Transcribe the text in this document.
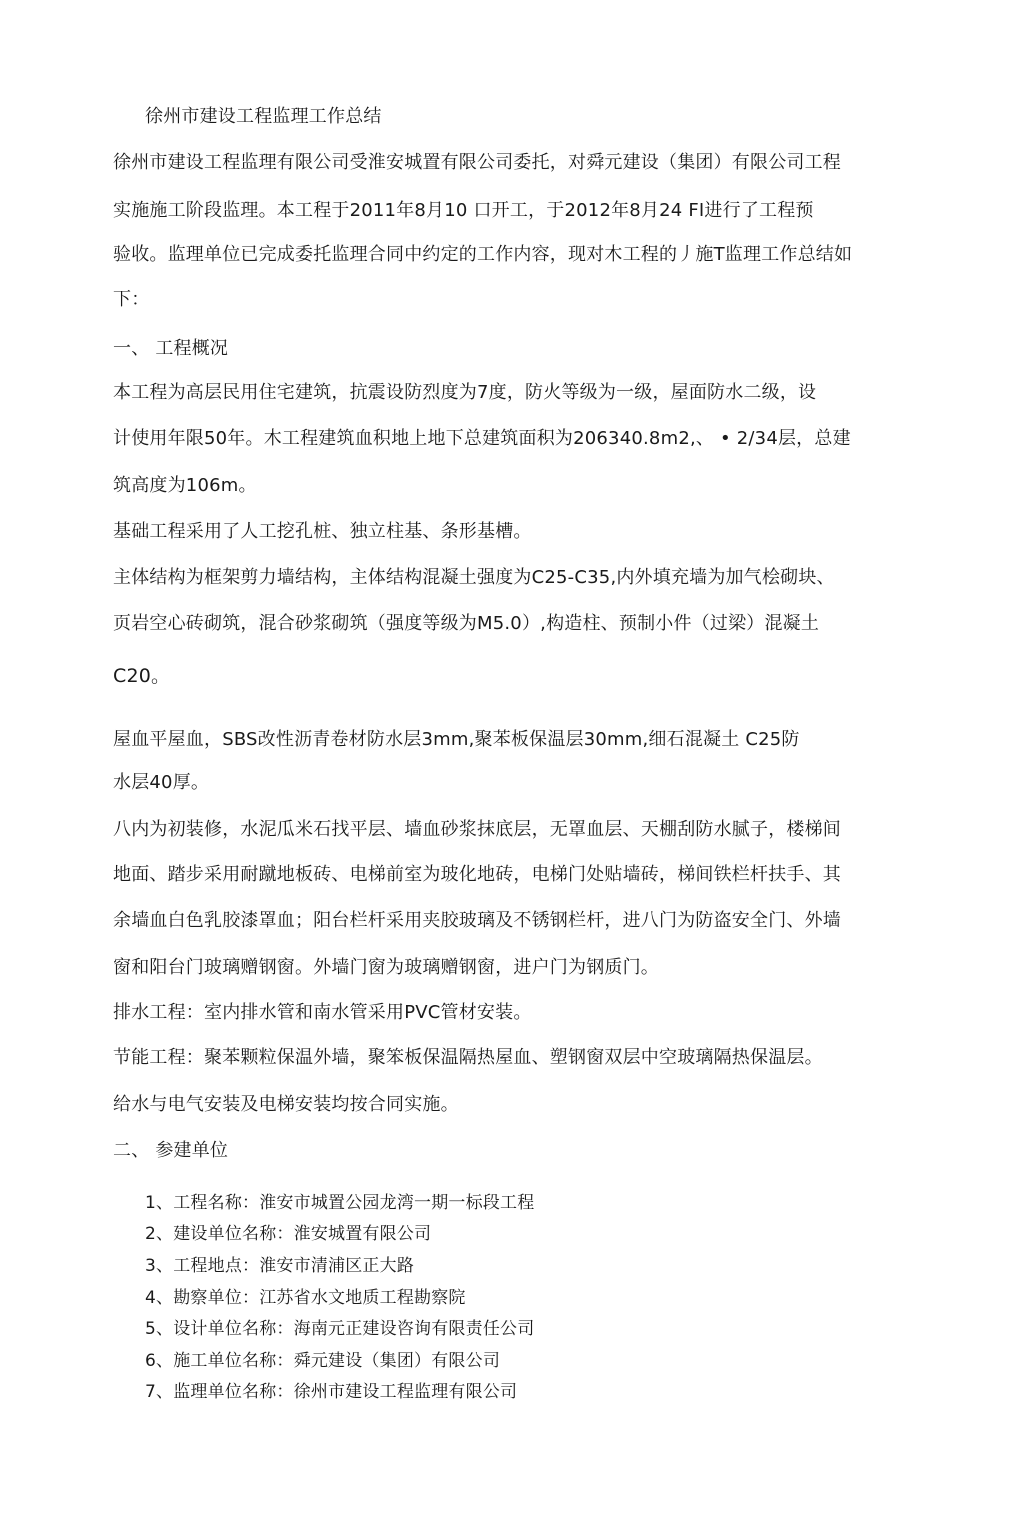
徐州市建设工程监理工作总结
徐州市建设工程监理有限公司受淮安城置有限公司委托，对舜元建设（集团）有限公司工程
实施施工阶段监理。本工程于2011年8月10 口开工，于2012年8月24 FI进行了工程预
验收。监理单位已完成委托监理合同中约定的工作内容，现对木工程的丿施T监理工作总结如
下：
一、 工程概况
本工程为高层民用住宅建筑，抗震设防烈度为7度，防火等级为一级，屋面防水二级，设
计使用年限50年。木工程建筑血积地上地下总建筑面积为206340.8m2,、 • 2/34层，总建
筑高度为106m。
基础工程采用了人工挖孔桩、独立柱基、条形基槽。
主体结构为框架剪力墙结构，主体结构混凝土强度为C25-C35,内外填充墙为加气桧砌块、
页岩空心砖砌筑，混合砂浆砌筑（强度等级为M5.0）,构造柱、预制小件（过梁）混凝土
C20。
屋血平屋血，SBS改性沥青卷材防水层3mm,聚苯板保温层30mm,细石混凝土 C25防
水层40厚。
八内为初装修，水泥瓜米石找平层、墙血砂浆抹底层，无罩血层、天棚刮防水腻子，楼梯间
地面、踏步采用耐蹴地板砖、电梯前室为玻化地砖，电梯门处贴墙砖，梯间铁栏杆扶手、其
余墙血白色乳胶漆罩血；阳台栏杆采用夹胶玻璃及不锈钢栏杆，进八门为防盗安全门、外墙
窗和阳台门玻璃赠钢窗。外墙门窗为玻璃赠钢窗，进户门为钢质门。
排水工程：室内排水管和南水管采用PVC管材安装。
节能工程：聚苯颗粒保温外墙，聚笨板保温隔热屋血、塑钢窗双层中空玻璃隔热保温层。
给水与电气安装及电梯安装均按合同实施。
二、 参建单位
1、工程名称：淮安市城置公园龙湾一期一标段工程
2、建设单位名称：淮安城置有限公司
3、工程地点：淮安市清浦区正大路
4、勘察单位：江苏省水文地质工程勘察院
5、设计单位名称：海南元正建设咨询有限责任公司
6、施工单位名称：舜元建设（集团）有限公司
7、监理单位名称：徐州市建设工程监理有限公司
